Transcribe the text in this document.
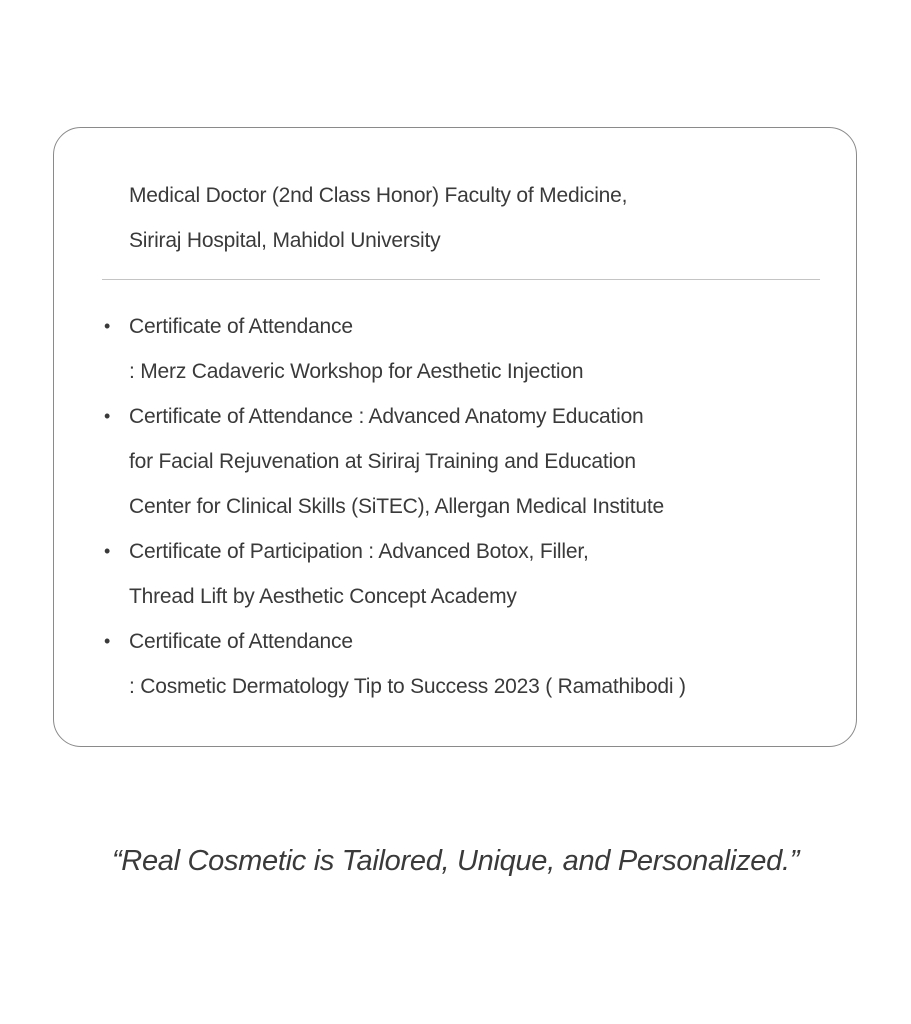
Medical Doctor (2nd Class Honor) Faculty of Medicine,
Siriraj Hospital, Mahidol University
• Certificate of Attendance
: Merz Cadaveric Workshop for Aesthetic Injection
• Certificate of Attendance : Advanced Anatomy Education
for Facial Rejuvenation at Siriraj Training and Education
Center for Clinical Skills (SiTEC), Allergan Medical Institute
• Certificate of Participation : Advanced Botox, Filler,
Thread Lift by Aesthetic Concept Academy
• Certificate of Attendance
: Cosmetic Dermatology Tip to Success 2023 ( Ramathibodi )
“Real Cosmetic is Tailored, Unique, and Personalized.”
